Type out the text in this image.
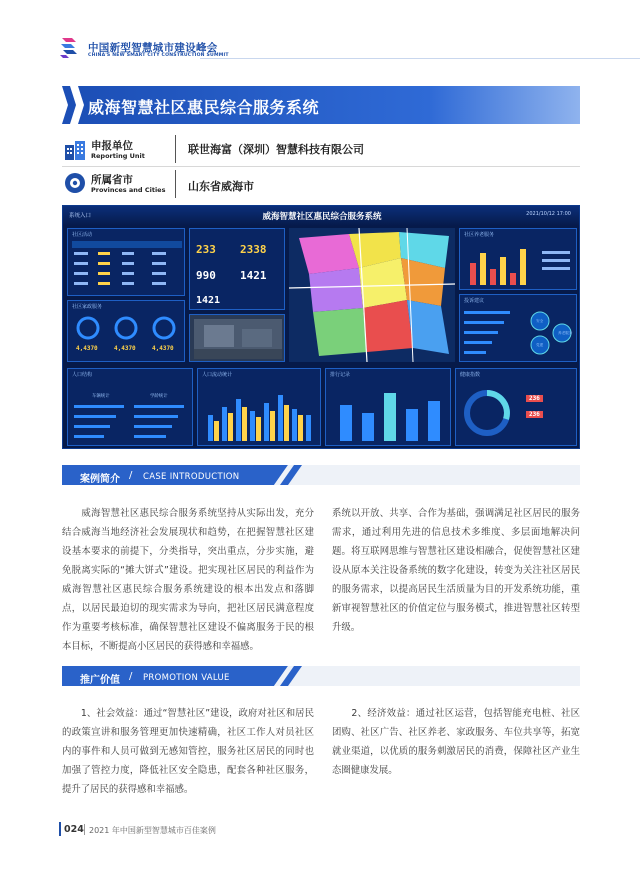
中国新型智慧城市建设峰会
CHINA'S NEW SMART CITY CONSTRUCTION SUMMIT
威海智慧社区惠民综合服务系统
申报单位
Reporting Unit	联世海富（深圳）智慧科技有限公司
所属省市
Provinces and Cities 山东省威海市
系统入口	威海智慧社区惠民综合服务系统	2021/10/12 17:00
社区活动
社区家政服务
4,4370	4,4370	4,4370
233 2338
990 1421
1421
社区养老服务
投诉建议
安全
养老服务
党建
人口结构
车辆统计	学龄统计
人口流动统计	排行记录	健康指数
236
236
案例简介	CASE INTRODUCTION
/
　　威海智慧社区惠民综合服务系统坚持从实际出发，充分结合威海当地经济社会发展现状和趋势，在把握智慧社区建设基本要求的前提下，分类指导，突出重点，分步实施，避免脱离实际的“摊大饼式”建设。把实现社区居民的利益作为威海智慧社区惠民综合服务系统建设的根本出发点和落脚点，以居民最迫切的现实需求为导向，把社区居民满意程度作为重要考核标准，确保智慧社区建设不偏离服务于民的根本目标，不断提高小区居民的获得感和幸福感。
系统以开放、共享、合作为基础，强调满足社区居民的服务需求，通过利用先进的信息技术多维度、多层面地解决问题。将互联网思维与智慧社区建设相融合，促使智慧社区建设从原本关注设备系统的数字化建设，转变为关注社区居民的服务需求，以提高居民生活质量为目的开发系统功能，重新审视智慧社区的价值定位与服务模式，推进智慧社区转型升级。
推广价值	PROMOTION VALUE
/
　　1、社会效益：通过“智慧社区”建设，政府对社区和居民的政策宣讲和服务管理更加快速精确，社区工作人对员社区内的事件和人员可做到无感知管控，服务社区居民的同时也加强了管控力度，降低社区安全隐患，配套各种社区服务，提升了居民的获得感和幸福感。
　　2、经济效益：通过社区运营，包括智能充电桩、社区团购、社区广告、社区养老、家政服务、车位共享等，拓宽就业渠道，以优质的服务刺激居民的消费，保障社区产业生态圈健康发展。
024 2021 年中国新型智慧城市百佳案例
